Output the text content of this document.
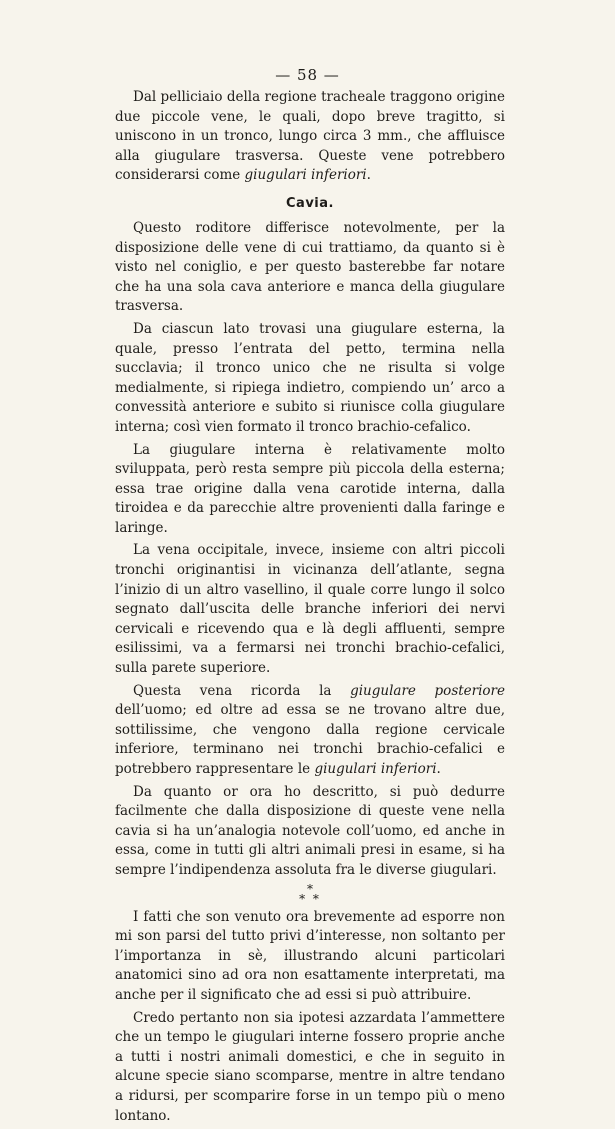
— 58 —

Dal pelliciaio della regione tracheale traggono origine due piccole vene, le quali, dopo breve tragitto, si uniscono in un tronco, lungo circa 3 mm., che affluisce alla giugulare trasversa. Queste vene potrebbero considerarsi come giugulari inferiori.

Cavia.

Questo roditore differisce notevolmente, per la disposizione delle vene di cui trattiamo, da quanto si è visto nel coniglio, e per questo basterebbe far notare che ha una sola cava anteriore e manca della giugulare trasversa.

Da ciascun lato trovasi una giugulare esterna, la quale, presso l’entrata del petto, termina nella succlavia; il tronco unico che ne risulta si volge medialmente, si ripiega indietro, compiendo un’ arco a convessità anteriore e subito si riunisce colla giugulare interna; così vien formato il tronco brachio-cefalico.

La giugulare interna è relativamente molto sviluppata, però resta sempre più piccola della esterna; essa trae origine dalla vena carotide interna, dalla tiroidea e da parecchie altre provenienti dalla faringe e laringe.

La vena occipitale, invece, insieme con altri piccoli tronchi originantisi in vicinanza dell’atlante, segna l’inizio di un altro vasellino, il quale corre lungo il solco segnato dall’uscita delle branche inferiori dei nervi cervicali e ricevendo qua e là degli affluenti, sempre esilissimi, va a fermarsi nei tronchi brachio-cefalici, sulla parete superiore.

Questa vena ricorda la giugulare posteriore dell’uomo; ed oltre ad essa se ne trovano altre due, sottilissime, che vengono dalla regione cervicale inferiore, terminano nei tronchi brachio-cefalici e potrebbero rappresentare le giugulari inferiori.

Da quanto or ora ho descritto, si può dedurre facilmente che dalla disposizione di queste vene nella cavia si ha un’analogia notevole coll’uomo, ed anche in essa, come in tutti gli altri animali presi in esame, si ha sempre l’indipendenza assoluta fra le diverse giugulari.

*
* *

I fatti che son venuto ora brevemente ad esporre non mi son parsi del tutto privi d’interesse, non soltanto per l’importanza in sè, illustrando alcuni particolari anatomici sino ad ora non esattamente interpretati, ma anche per il significato che ad essi si può attribuire.

Credo pertanto non sia ipotesi azzardata l’ammettere che un tempo le giugulari interne fossero proprie anche a tutti i nostri animali domestici, e che in seguito in alcune specie siano scomparse, mentre in altre tendano a ridursi, per scomparire forse in un tempo più o meno lontano.
